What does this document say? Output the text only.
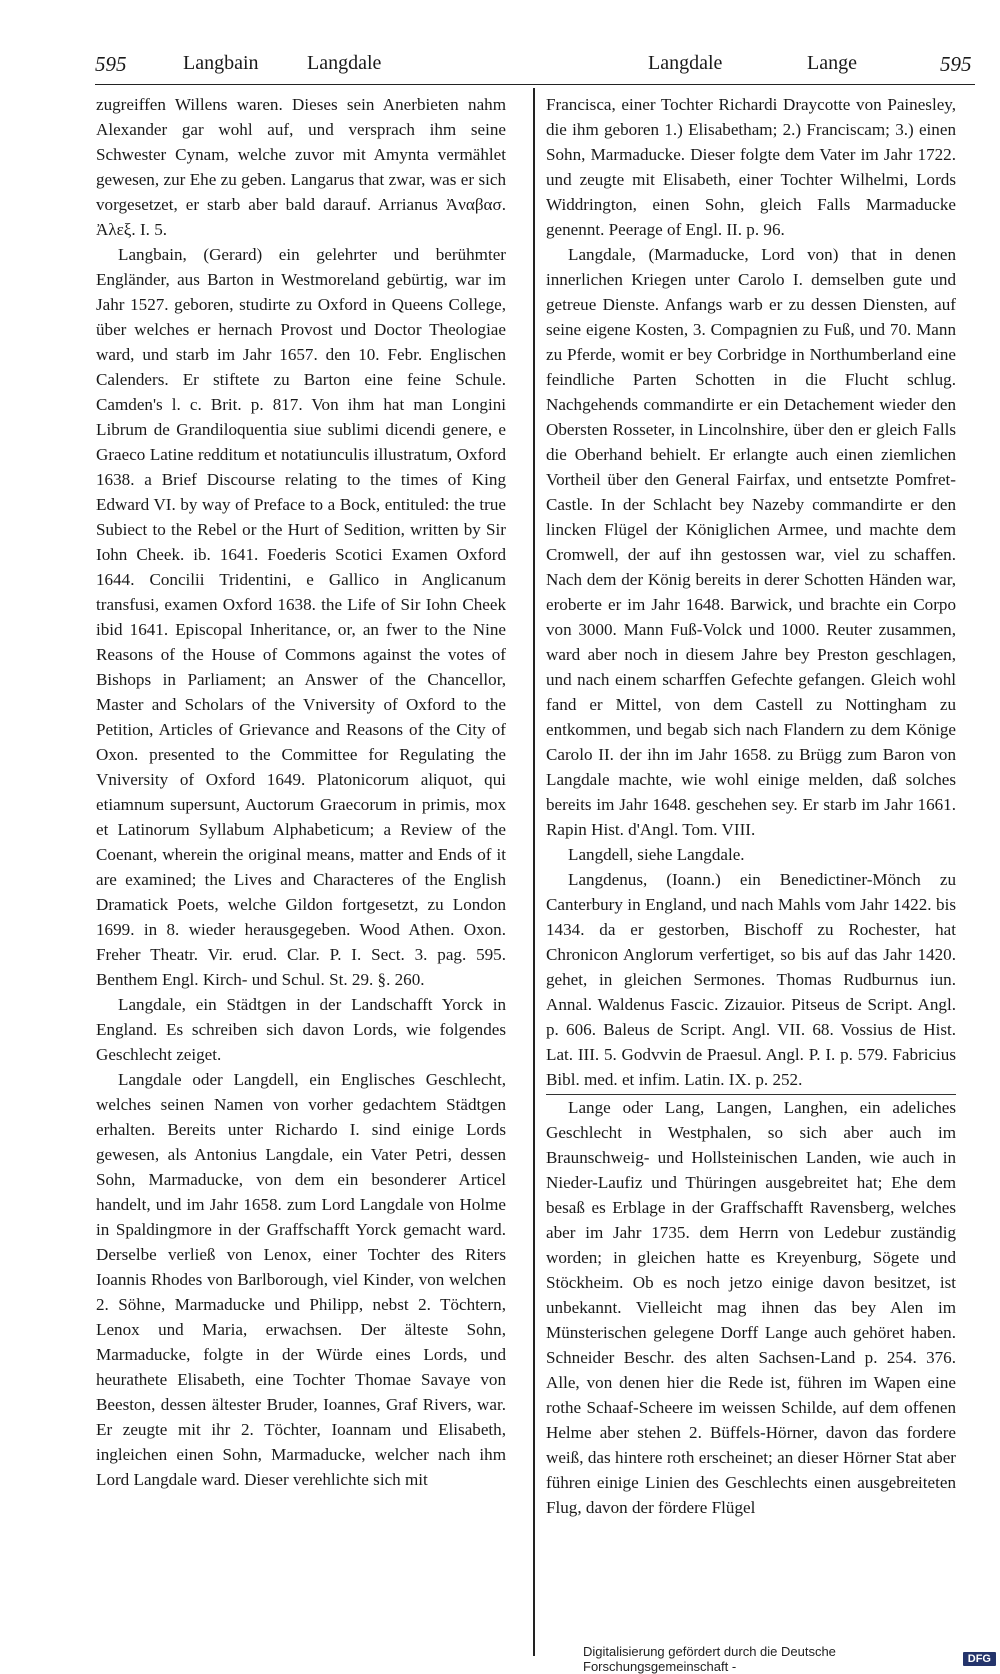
595	Langbain Langdale	Langdale	Lange	595

zugreiffen Willens waren. Dieses sein Anerbieten nahm Alexander gar wohl auf, und versprach ihm seine Schwester Cynam, welche zuvor mit Amynta vermählet gewesen, zur Ehe zu geben. Langarus that zwar, was er sich vorgesetzet, er starb aber bald darauf. Arrianus Ἀναβασ. Ἀλεξ. I. 5.

Langbain, (Gerard) ein gelehrter und berühmter Engländer, aus Barton in Westmoreland gebürtig, war im Jahr 1527. geboren, studirte zu Oxford in Queens College, über welches er hernach Provost und Doctor Theologiae ward, und starb im Jahr 1657. den 10. Febr. Englischen Calenders. Er stiftete zu Barton eine feine Schule. Camden's l. c. Brit. p. 817. Von ihm hat man Longini Librum de Grandiloquentia siue sublimi dicendi genere, e Graeco Latine redditum et notatiunculis illustratum, Oxford 1638. a Brief Discourse relating to the times of King Edward VI. by way of Preface to a Bock, entituled: the true Subiect to the Rebel or the Hurt of Sedition, written by Sir Iohn Cheek. ib. 1641. Foederis Scotici Examen Oxford 1644. Concilii Tridentini, e Gallico in Anglicanum transfusi, examen Oxford 1638. the Life of Sir Iohn Cheek ibid 1641. Episcopal Inheritance, or, an fwer to the Nine Reasons of the House of Commons against the votes of Bishops in Parliament; an Answer of the Chancellor, Master and Scholars of the Vniversity of Oxford to the Petition, Articles of Grievance and Reasons of the City of Oxon. presented to the Committee for Regulating the Vniversity of Oxford 1649. Platonicorum aliquot, qui etiamnum supersunt, Auctorum Graecorum in primis, mox et Latinorum Syllabum Alphabeticum; a Review of the Coenant, wherein the original means, matter and Ends of it are examined; the Lives and Characteres of the English Dramatick Poets, welche Gildon fortgesetzt, zu London 1699. in 8. wieder herausgegeben. Wood Athen. Oxon. Freher Theatr. Vir. erud. Clar. P. I. Sect. 3. pag. 595. Benthem Engl. Kirch- und Schul. St. 29. §. 260.

Langdale, ein Städtgen in der Landschafft Yorck in England. Es schreiben sich davon Lords, wie folgendes Geschlecht zeiget.

Langdale oder Langdell, ein Englisches Geschlecht, welches seinen Namen von vorher gedachtem Städtgen erhalten. Bereits unter Richardo I. sind einige Lords gewesen, als Antonius Langdale, ein Vater Petri, dessen Sohn, Marmaducke, von dem ein besonderer Articel handelt, und im Jahr 1658. zum Lord Langdale von Holme in Spaldingmore in der Graffschafft Yorck gemacht ward. Derselbe verließ von Lenox, einer Tochter des Riters Ioannis Rhodes von Barlborough, viel Kinder, von welchen 2. Söhne, Marmaducke und Philipp, nebst 2. Töchtern, Lenox und Maria, erwachsen. Der älteste Sohn, Marmaducke, folgte in der Würde eines Lords, und heurathete Elisabeth, eine Tochter Thomae Savaye von Beeston, dessen ältester Bruder, Ioannes, Graf Rivers, war. Er zeugte mit ihr 2. Töchter, Ioannam und Elisabeth, ingleichen einen Sohn, Marmaducke, welcher nach ihm Lord Langdale ward. Dieser verehlichte sich mit

Francisca, einer Tochter Richardi Draycotte von Painesley, die ihm geboren 1.) Elisabetham; 2.) Franciscam; 3.) einen Sohn, Marmaducke. Dieser folgte dem Vater im Jahr 1722. und zeugte mit Elisabeth, einer Tochter Wilhelmi, Lords Widdrington, einen Sohn, gleich Falls Marmaducke genennt. Peerage of Engl. II. p. 96.

Langdale, (Marmaducke, Lord von) that in denen innerlichen Kriegen unter Carolo I. demselben gute und getreue Dienste. Anfangs warb er zu dessen Diensten, auf seine eigene Kosten, 3. Compagnien zu Fuß, und 70. Mann zu Pferde, womit er bey Corbridge in Northumberland eine feindliche Parten Schotten in die Flucht schlug. Nachgehends commandirte er ein Detachement wieder den Obersten Rosseter, in Lincolnshire, über den er gleich Falls die Oberhand behielt. Er erlangte auch einen ziemlichen Vortheil über den General Fairfax, und entsetzte Pomfret-Castle. In der Schlacht bey Nazeby commandirte er den lincken Flügel der Königlichen Armee, und machte dem Cromwell, der auf ihn gestossen war, viel zu schaffen. Nach dem der König bereits in derer Schotten Händen war, eroberte er im Jahr 1648. Barwick, und brachte ein Corpo von 3000. Mann Fuß-Volck und 1000. Reuter zusammen, ward aber noch in diesem Jahre bey Preston geschlagen, und nach einem scharffen Gefechte gefangen. Gleich wohl fand er Mittel, von dem Castell zu Nottingham zu entkommen, und begab sich nach Flandern zu dem Könige Carolo II. der ihn im Jahr 1658. zu Brügg zum Baron von Langdale machte, wie wohl einige melden, daß solches bereits im Jahr 1648. geschehen sey. Er starb im Jahr 1661. Rapin Hist. d'Angl. Tom. VIII.

Langdell, siehe Langdale.

Langdenus, (Ioann.) ein Benedictiner-Mönch zu Canterbury in England, und nach Mahls vom Jahr 1422. bis 1434. da er gestorben, Bischoff zu Rochester, hat Chronicon Anglorum verfertiget, so bis auf das Jahr 1420. gehet, in gleichen Sermones. Thomas Rudburnus iun. Annal. Waldenus Fascic. Zizauior. Pitseus de Script. Angl. p. 606. Baleus de Script. Angl. VII. 68. Vossius de Hist. Lat. III. 5. Godvvin de Praesul. Angl. P. I. p. 579. Fabricius Bibl. med. et infim. Latin. IX. p. 252.

Lange oder Lang, Langen, Langhen, ein adeliches Geschlecht in Westphalen, so sich aber auch im Braunschweig- und Hollsteinischen Landen, wie auch in Nieder-Laufiz und Thüringen ausgebreitet hat; Ehe dem besaß es Erblage in der Graffschafft Ravensberg, welches aber im Jahr 1735. dem Herrn von Ledebur zuständig worden; in gleichen hatte es Kreyenburg, Sögete und Stöckheim. Ob es noch jetzo einige davon besitzet, ist unbekannt. Vielleicht mag ihnen das bey Alen im Münsterischen gelegene Dorff Lange auch gehöret haben. Schneider Beschr. des alten Sachsen-Land p. 254. 376. Alle, von denen hier die Rede ist, führen im Wapen eine rothe Schaaf-Scheere im weissen Schilde, auf dem offenen Helme aber stehen 2. Büffels-Hörner, davon das fordere weiß, das hintere roth erscheinet; an dieser Hörner Stat aber führen einige Linien des Geschlechts einen ausgebreiteten Flug, davon der fördere Flügel

Digitalisierung gefördert durch die Deutsche Forschungsgemeinschaft -	DFG
